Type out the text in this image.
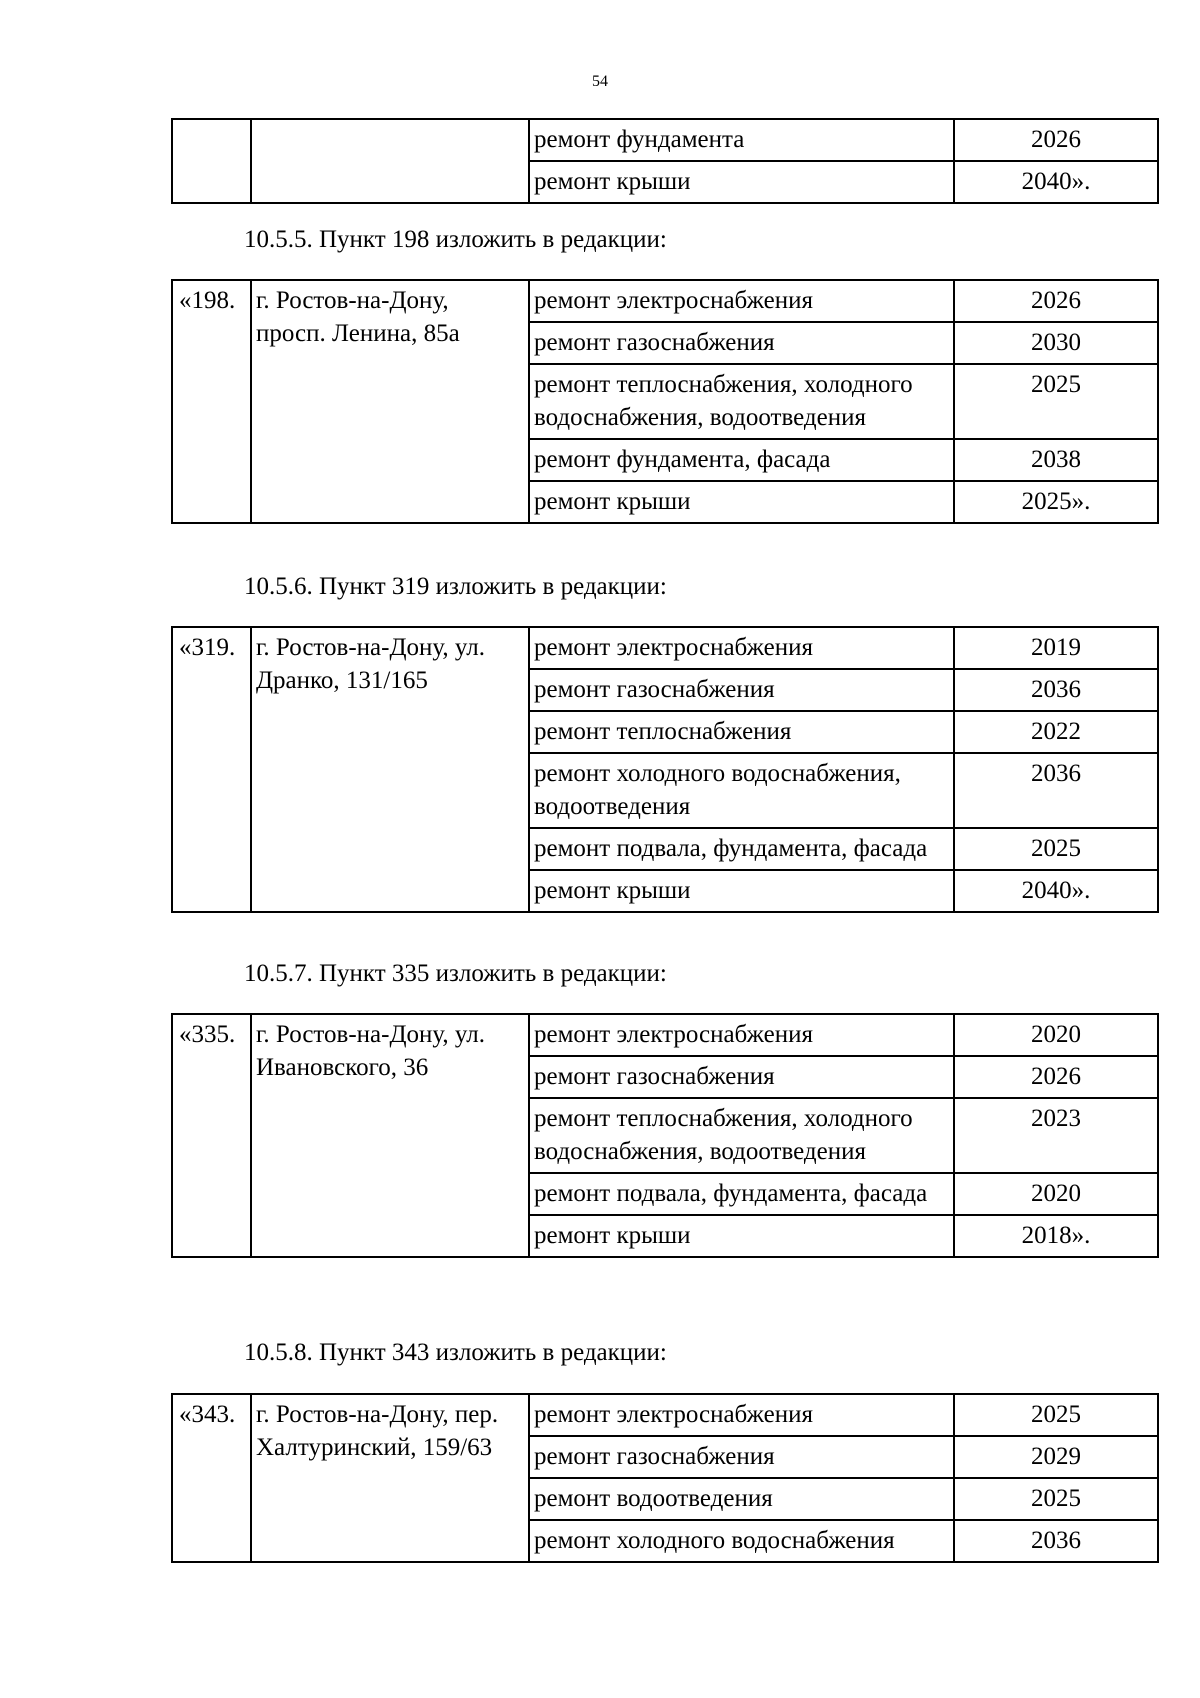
54
		ремонт фундамента	2026
		ремонт крыши	2040».
10.5.5. Пункт 198 изложить в редакции:
«198.	г. Ростов-на-Дону, просп. Ленина, 85а	ремонт электроснабжения	2026
		ремонт газоснабжения	2030
		ремонт теплоснабжения, холодного водоснабжения, водоотведения	2025
		ремонт фундамента, фасада	2038
		ремонт крыши	2025».
10.5.6. Пункт 319 изложить в редакции:
«319.	г. Ростов-на-Дону, ул. Дранко, 131/165	ремонт электроснабжения	2019
		ремонт газоснабжения	2036
		ремонт теплоснабжения	2022
		ремонт холодного водоснабжения, водоотведения	2036
		ремонт подвала, фундамента, фасада	2025
		ремонт крыши	2040».
10.5.7. Пункт 335 изложить в редакции:
«335.	г. Ростов-на-Дону, ул. Ивановского, 36	ремонт электроснабжения	2020
		ремонт газоснабжения	2026
		ремонт теплоснабжения, холодного водоснабжения, водоотведения	2023
		ремонт подвала, фундамента, фасада	2020
		ремонт крыши	2018».
10.5.8. Пункт 343 изложить в редакции:
«343.	г. Ростов-на-Дону, пер. Халтуринский, 159/63	ремонт электроснабжения	2025
		ремонт газоснабжения	2029
		ремонт водоотведения	2025
		ремонт холодного водоснабжения	2036
